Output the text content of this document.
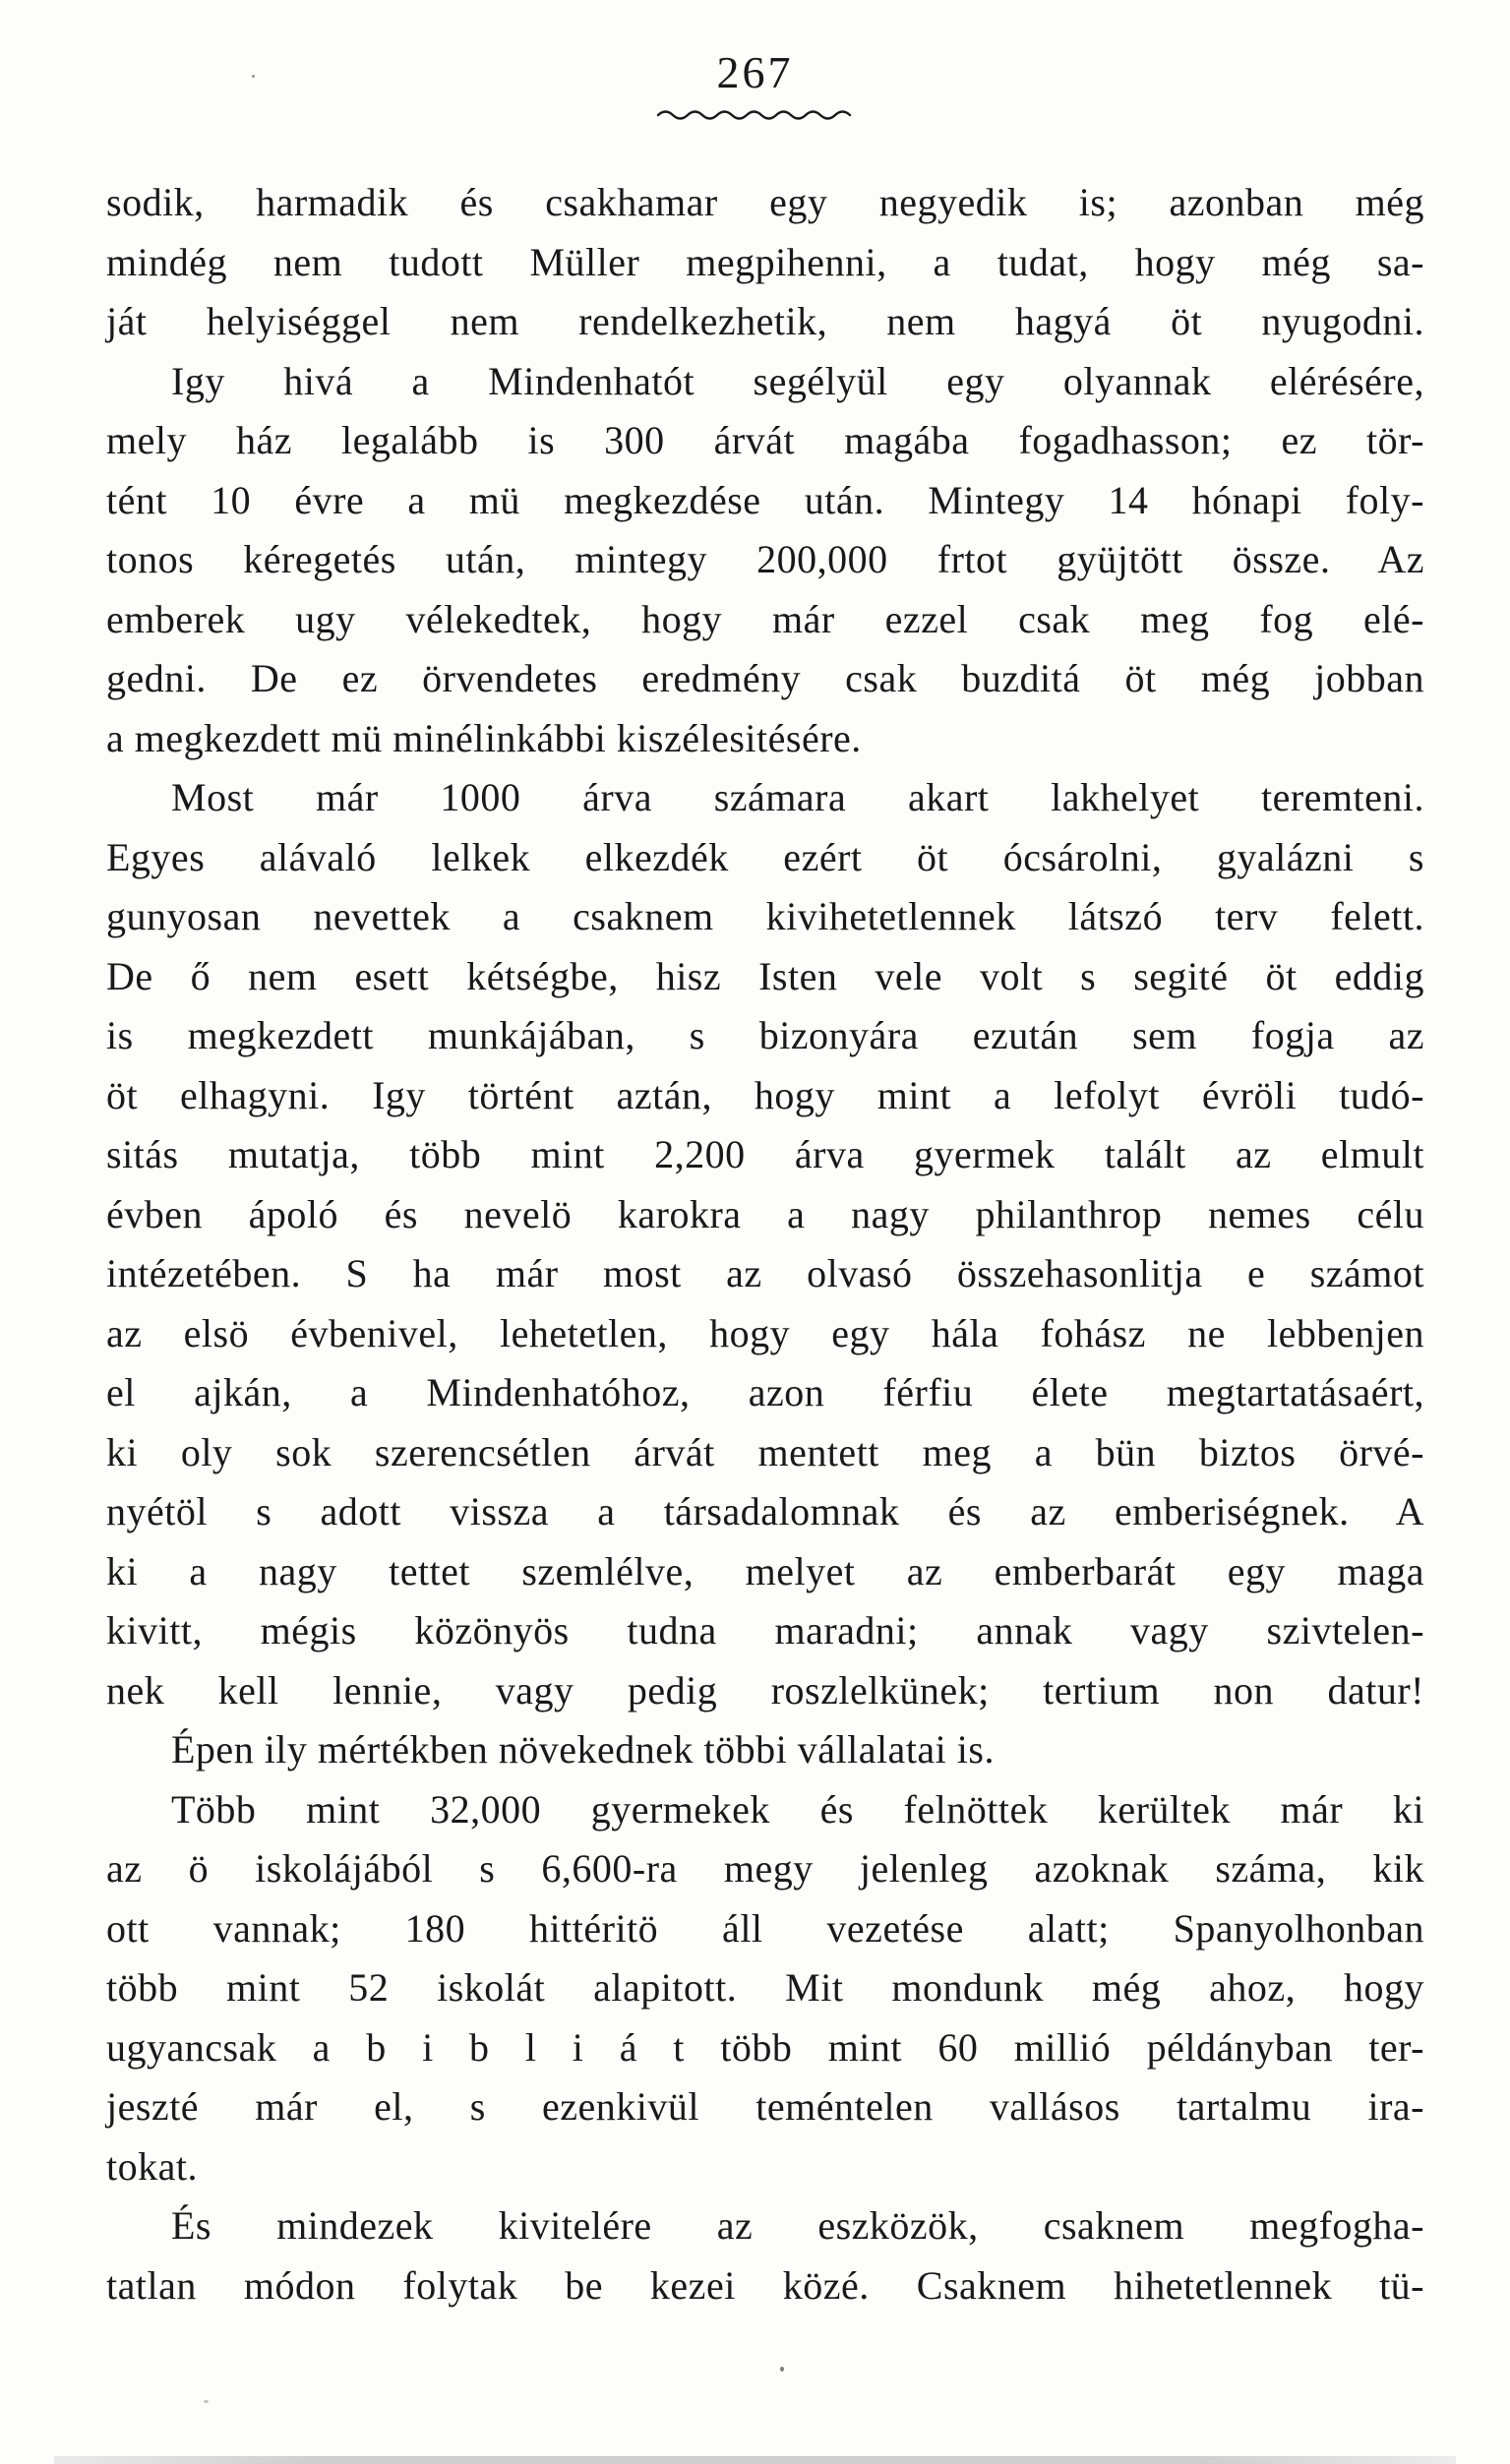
267
sodik, harmadik és csakhamar egy negyedik is; azonban még
mindég nem tudott Müller megpihenni, a tudat, hogy még sa-
ját helyiséggel nem rendelkezhetik, nem hagyá öt nyugodni.
Igy hivá a Mindenhatót segélyül egy olyannak elérésére,
mely ház legalább is 300 árvát magába fogadhasson; ez tör-
tént 10 évre a mü megkezdése után. Mintegy 14 hónapi foly-
tonos kéregetés után, mintegy 200,000 frtot gyüjtött össze. Az
emberek ugy vélekedtek, hogy már ezzel csak meg fog elé-
gedni. De ez örvendetes eredmény csak buzditá öt még jobban
a megkezdett mü minélinkábbi kiszélesitésére.
Most már 1000 árva számara akart lakhelyet teremteni.
Egyes alávaló lelkek elkezdék ezért öt ócsárolni, gyalázni s
gunyosan nevettek a csaknem kivihetetlennek látszó terv felett.
De ő nem esett kétségbe, hisz Isten vele volt s segité öt eddig
is megkezdett munkájában, s bizonyára ezután sem fogja az
öt elhagyni. Igy történt aztán, hogy mint a lefolyt évröli tudó-
sitás mutatja, több mint 2,200 árva gyermek talált az elmult
évben ápoló és nevelö karokra a nagy philanthrop nemes célu
intézetében. S ha már most az olvasó összehasonlitja e számot
az elsö évbenivel, lehetetlen, hogy egy hála fohász ne lebbenjen
el ajkán, a Mindenhatóhoz, azon férfiu élete megtartatásaért,
ki oly sok szerencsétlen árvát mentett meg a bün biztos örvé-
nyétöl s adott vissza a társadalomnak és az emberiségnek. A
ki a nagy tettet szemlélve, melyet az emberbarát egy maga
kivitt, mégis közönyös tudna maradni; annak vagy szivtelen-
nek kell lennie, vagy pedig roszlelkünek; tertium non datur!
Épen ily mértékben növekednek többi vállalatai is.
Több mint 32,000 gyermekek és felnöttek kerültek már ki
az ö iskolájából s 6,600-ra megy jelenleg azoknak száma, kik
ott vannak; 180 hittéritö áll vezetése alatt; Spanyolhonban
több mint 52 iskolát alapitott. Mit mondunk még ahoz, hogy
ugyancsak a b i b l i á t több mint 60 millió példányban ter-
jeszté már el, s ezenkivül teméntelen vallásos tartalmu ira-
tokat.
És mindezek kivitelére az eszközök, csaknem megfogha-
tatlan módon folytak be kezei közé. Csaknem hihetetlennek tü-
